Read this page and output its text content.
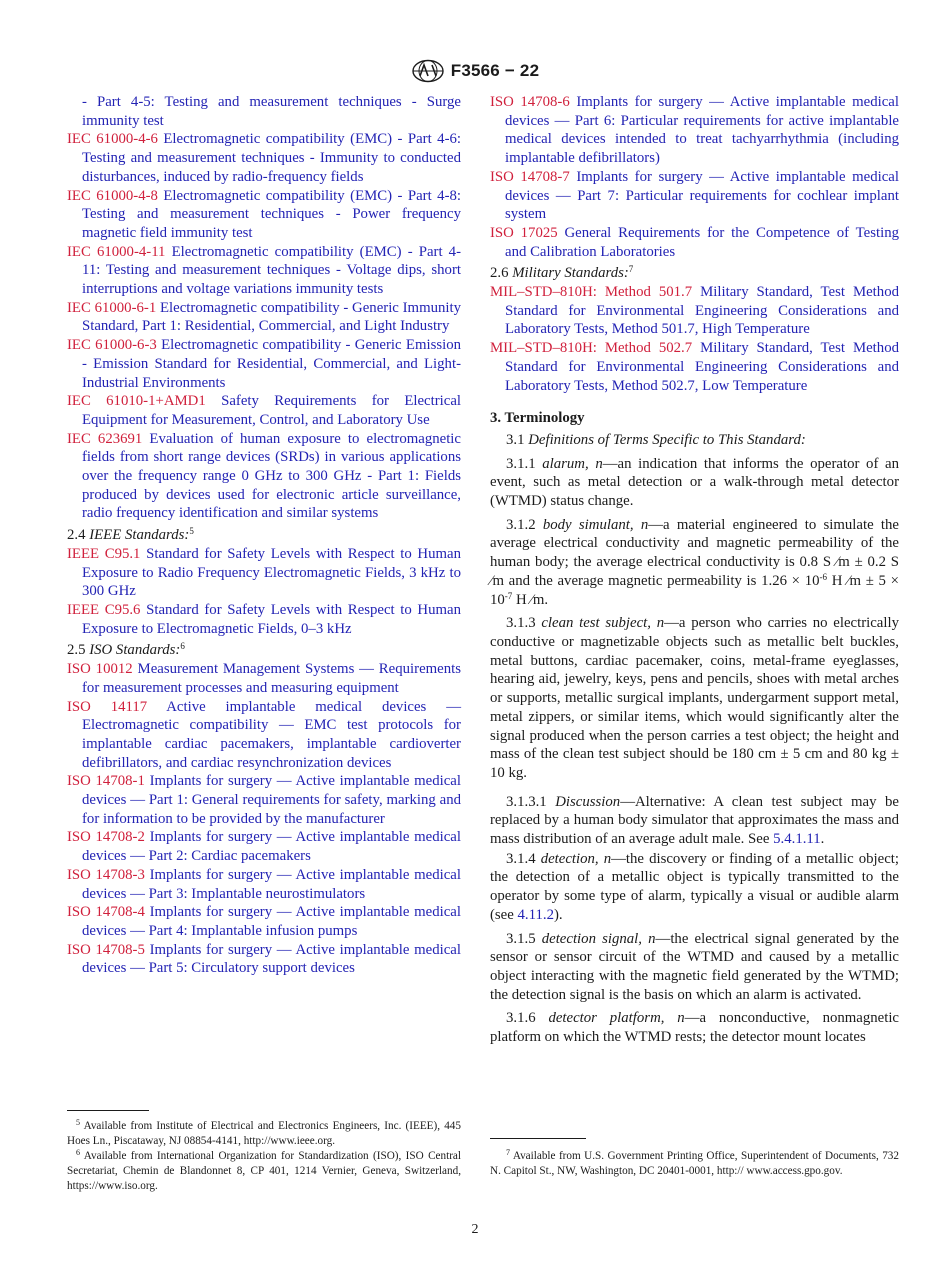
F3566 − 22

- Part 4-5: Testing and measurement techniques - Surge immunity test

IEC 61000-4-6 Electromagnetic compatibility (EMC) - Part 4-6: Testing and measurement techniques - Immunity to conducted disturbances, induced by radio-frequency fields

IEC 61000-4-8 Electromagnetic compatibility (EMC) - Part 4-8: Testing and measurement techniques - Power frequency magnetic field immunity test

IEC 61000-4-11 Electromagnetic compatibility (EMC) - Part 4-11: Testing and measurement techniques - Voltage dips, short interruptions and voltage variations immunity tests

IEC 61000-6-1 Electromagnetic compatibility - Generic Immunity Standard, Part 1: Residential, Commercial, and Light Industry

IEC 61000-6-3 Electromagnetic compatibility - Generic Emission - Emission Standard for Residential, Commercial, and Light-Industrial Environments

IEC 61010-1+AMD1 Safety Requirements for Electrical Equipment for Measurement, Control, and Laboratory Use

IEC 623691 Evaluation of human exposure to electromagnetic fields from short range devices (SRDs) in various applications over the frequency range 0 GHz to 300 GHz - Part 1: Fields produced by devices used for electronic article surveillance, radio frequency identification and similar systems

2.4 IEEE Standards:$^5$

IEEE C95.1 Standard for Safety Levels with Respect to Human Exposure to Radio Frequency Electromagnetic Fields, 3 kHz to 300 GHz

IEEE C95.6 Standard for Safety Levels with Respect to Human Exposure to Electromagnetic Fields, 0–3 kHz

2.5 ISO Standards:$^6$

ISO 10012 Measurement Management Systems — Requirements for measurement processes and measuring equipment

ISO 14117 Active implantable medical devices — Electromagnetic compatibility — EMC test protocols for implantable cardiac pacemakers, implantable cardioverter defibrillators, and cardiac resynchronization devices

ISO 14708-1 Implants for surgery — Active implantable medical devices — Part 1: General requirements for safety, marking and for information to be provided by the manufacturer

ISO 14708-2 Implants for surgery — Active implantable medical devices — Part 2: Cardiac pacemakers

ISO 14708-3 Implants for surgery — Active implantable medical devices — Part 3: Implantable neurostimulators

ISO 14708-4 Implants for surgery — Active implantable medical devices — Part 4: Implantable infusion pumps

ISO 14708-5 Implants for surgery — Active implantable medical devices — Part 5: Circulatory support devices

ISO 14708-6 Implants for surgery — Active implantable medical devices — Part 6: Particular requirements for active implantable medical devices intended to treat tachyarrhythmia (including implantable defibrillators)

ISO 14708-7 Implants for surgery — Active implantable medical devices — Part 7: Particular requirements for cochlear implant system

ISO 17025 General Requirements for the Competence of Testing and Calibration Laboratories

2.6 Military Standards:$^7$

MIL–STD–810H: Method 501.7 Military Standard, Test Method Standard for Environmental Engineering Considerations and Laboratory Tests, Method 501.7, High Temperature

MIL–STD–810H: Method 502.7 Military Standard, Test Method Standard for Environmental Engineering Considerations and Laboratory Tests, Method 502.7, Low Temperature

3. Terminology

3.1 Definitions of Terms Specific to This Standard:

3.1.1 alarum, n—an indication that informs the operator of an event, such as metal detection or a walk-through metal detector (WTMD) status change.

3.1.2 body simulant, n—a material engineered to simulate the average electrical conductivity and magnetic permeability of the human body; the average electrical conductivity is 0.8 S ⁄m ± 0.2 S ⁄m and the average magnetic permeability is $1.26 \times 10^{-6}$ H ⁄m ± $5 \times 10^{-7}$ H ⁄m.

3.1.3 clean test subject, n—a person who carries no electrically conductive or magnetizable objects such as metallic belt buckles, metal buttons, cardiac pacemaker, coins, metal-frame eyeglasses, hearing aid, jewelry, keys, pens and pencils, shoes with metal arches or supports, metallic surgical implants, undergarment support metal, metal zippers, or similar items, which would significantly alter the signal produced when the person carries a test object; the height and mass of the clean test subject should be 180 cm ± 5 cm and 80 kg ± 10 kg.

3.1.3.1 Discussion—Alternative: A clean test subject may be replaced by a human body simulator that approximates the mass and mass distribution of an average adult male. See 5.4.1.11.

3.1.4 detection, n—the discovery or finding of a metallic object; the detection of a metallic object is typically transmitted to the operator by some type of alarm, typically a visual or audible alarm (see 4.11.2).

3.1.5 detection signal, n—the electrical signal generated by the sensor or sensor circuit of the WTMD and caused by a metallic object interacting with the magnetic field generated by the WTMD; the detection signal is the basis on which an alarm is activated.

3.1.6 detector platform, n—a nonconductive, nonmagnetic platform on which the WTMD rests; the detector mount locates

$^5$ Available from Institute of Electrical and Electronics Engineers, Inc. (IEEE), 445 Hoes Ln., Piscataway, NJ 08854-4141, http://www.ieee.org.

$^6$ Available from International Organization for Standardization (ISO), ISO Central Secretariat, Chemin de Blandonnet 8, CP 401, 1214 Vernier, Geneva, Switzerland, https://www.iso.org.

$^7$ Available from U.S. Government Printing Office, Superintendent of Documents, 732 N. Capitol St., NW, Washington, DC 20401-0001, http:// www.access.gpo.gov.

2
